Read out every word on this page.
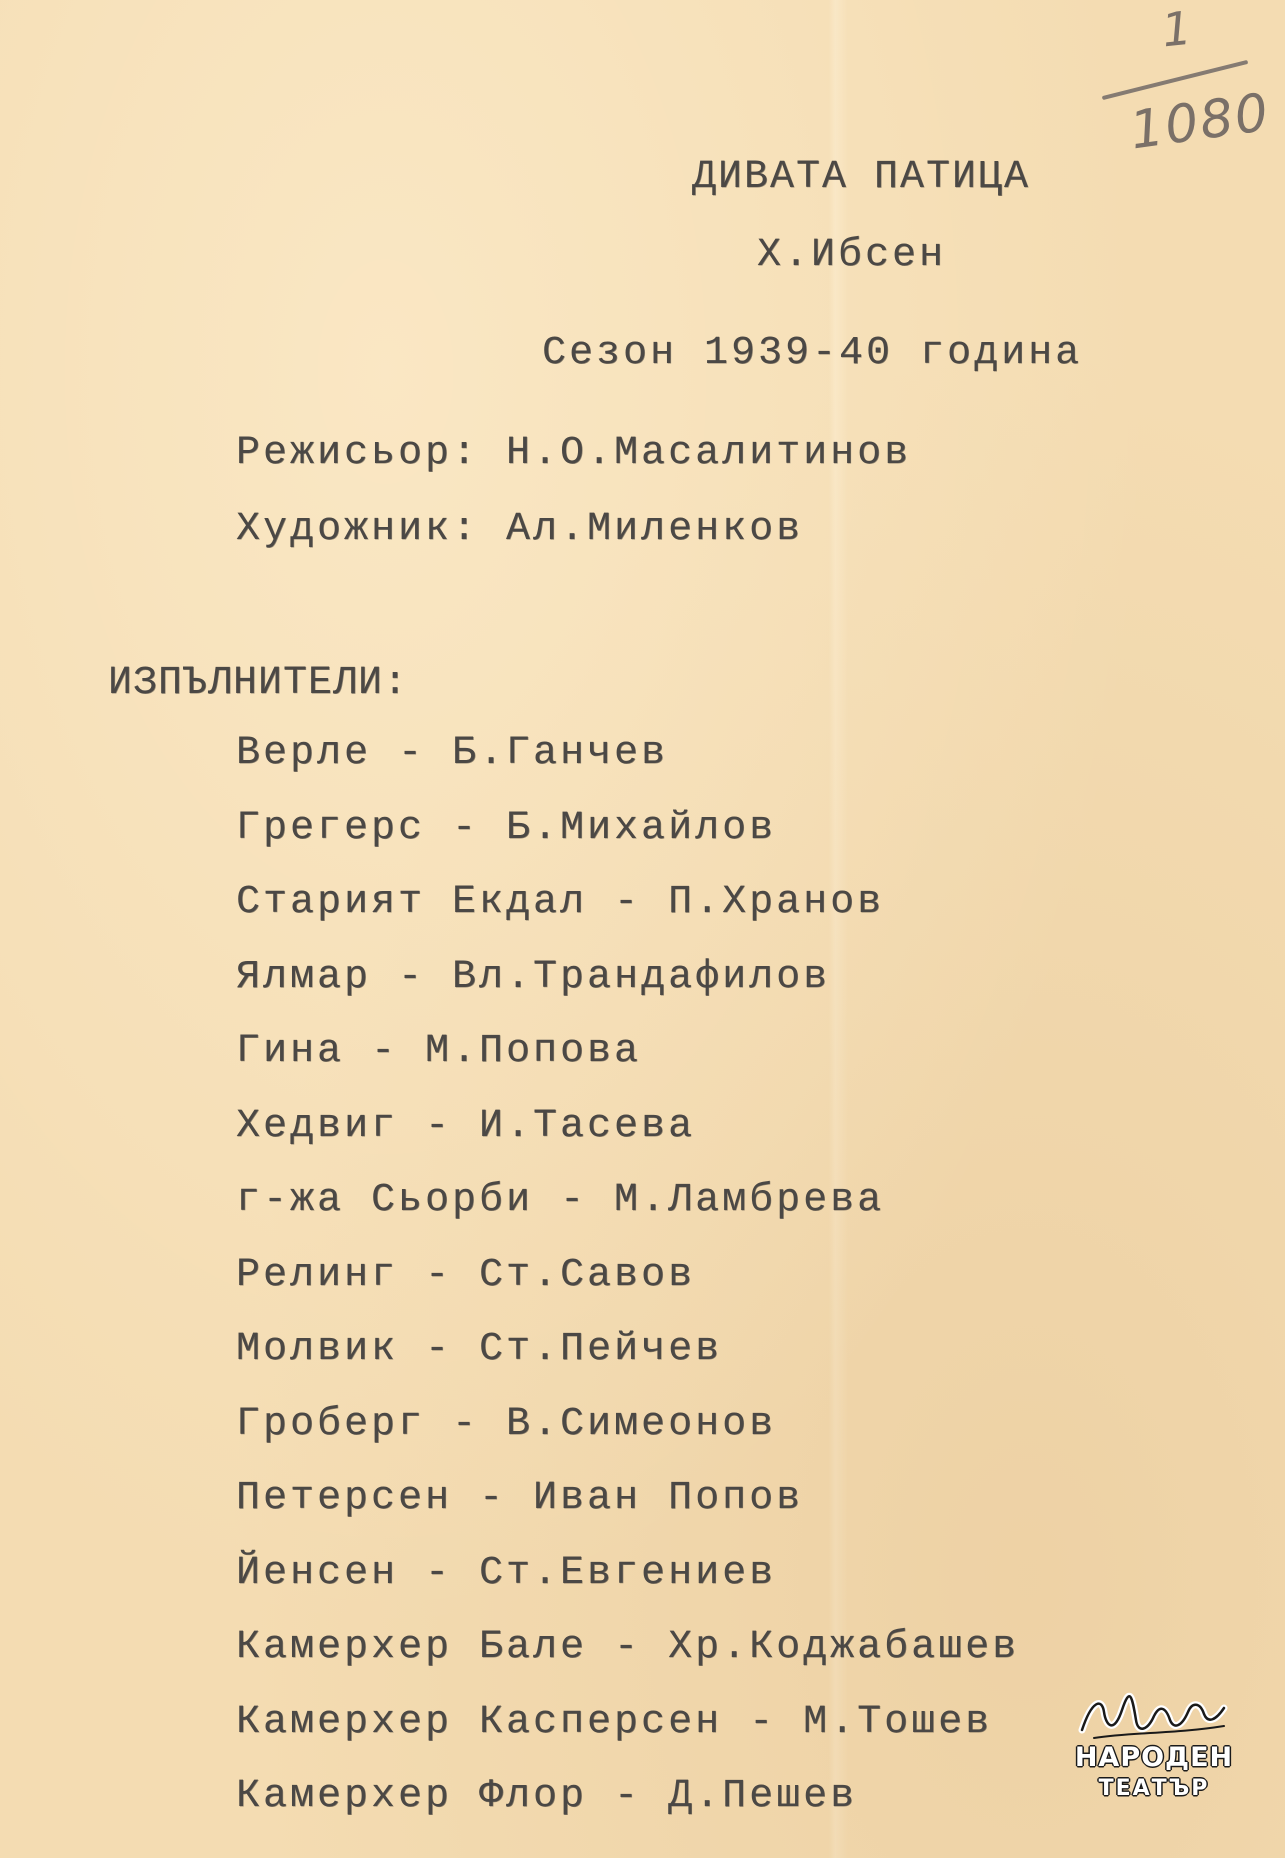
ДИВАТА ПАТИЦА
Х.Ибсен
Сезон 1939-40 година
Режисьор: Н.О.Масалитинов
Художник: Ал.Миленков
ИЗПЪЛНИТЕЛИ:
Верле - Б.Ганчев
Грегерс - Б.Михайлов
Старият Екдал - П.Хранов
Ялмар - Вл.Трандафилов
Гина - М.Попова
Хедвиг - И.Тасева
г-жа Сьорби - М.Ламбрева
Релинг - Ст.Савов
Молвик - Ст.Пейчев
Гроберг - В.Симеонов
Петерсен - Иван Попов
Йенсен - Ст.Евгениев
Камерхер Бале - Хр.Коджабашев
Камерхер Касперсен - М.Тошев
Камерхер Флор - Д.Пешев
1
1080
НАРОДЕН
ТЕАТЪР
